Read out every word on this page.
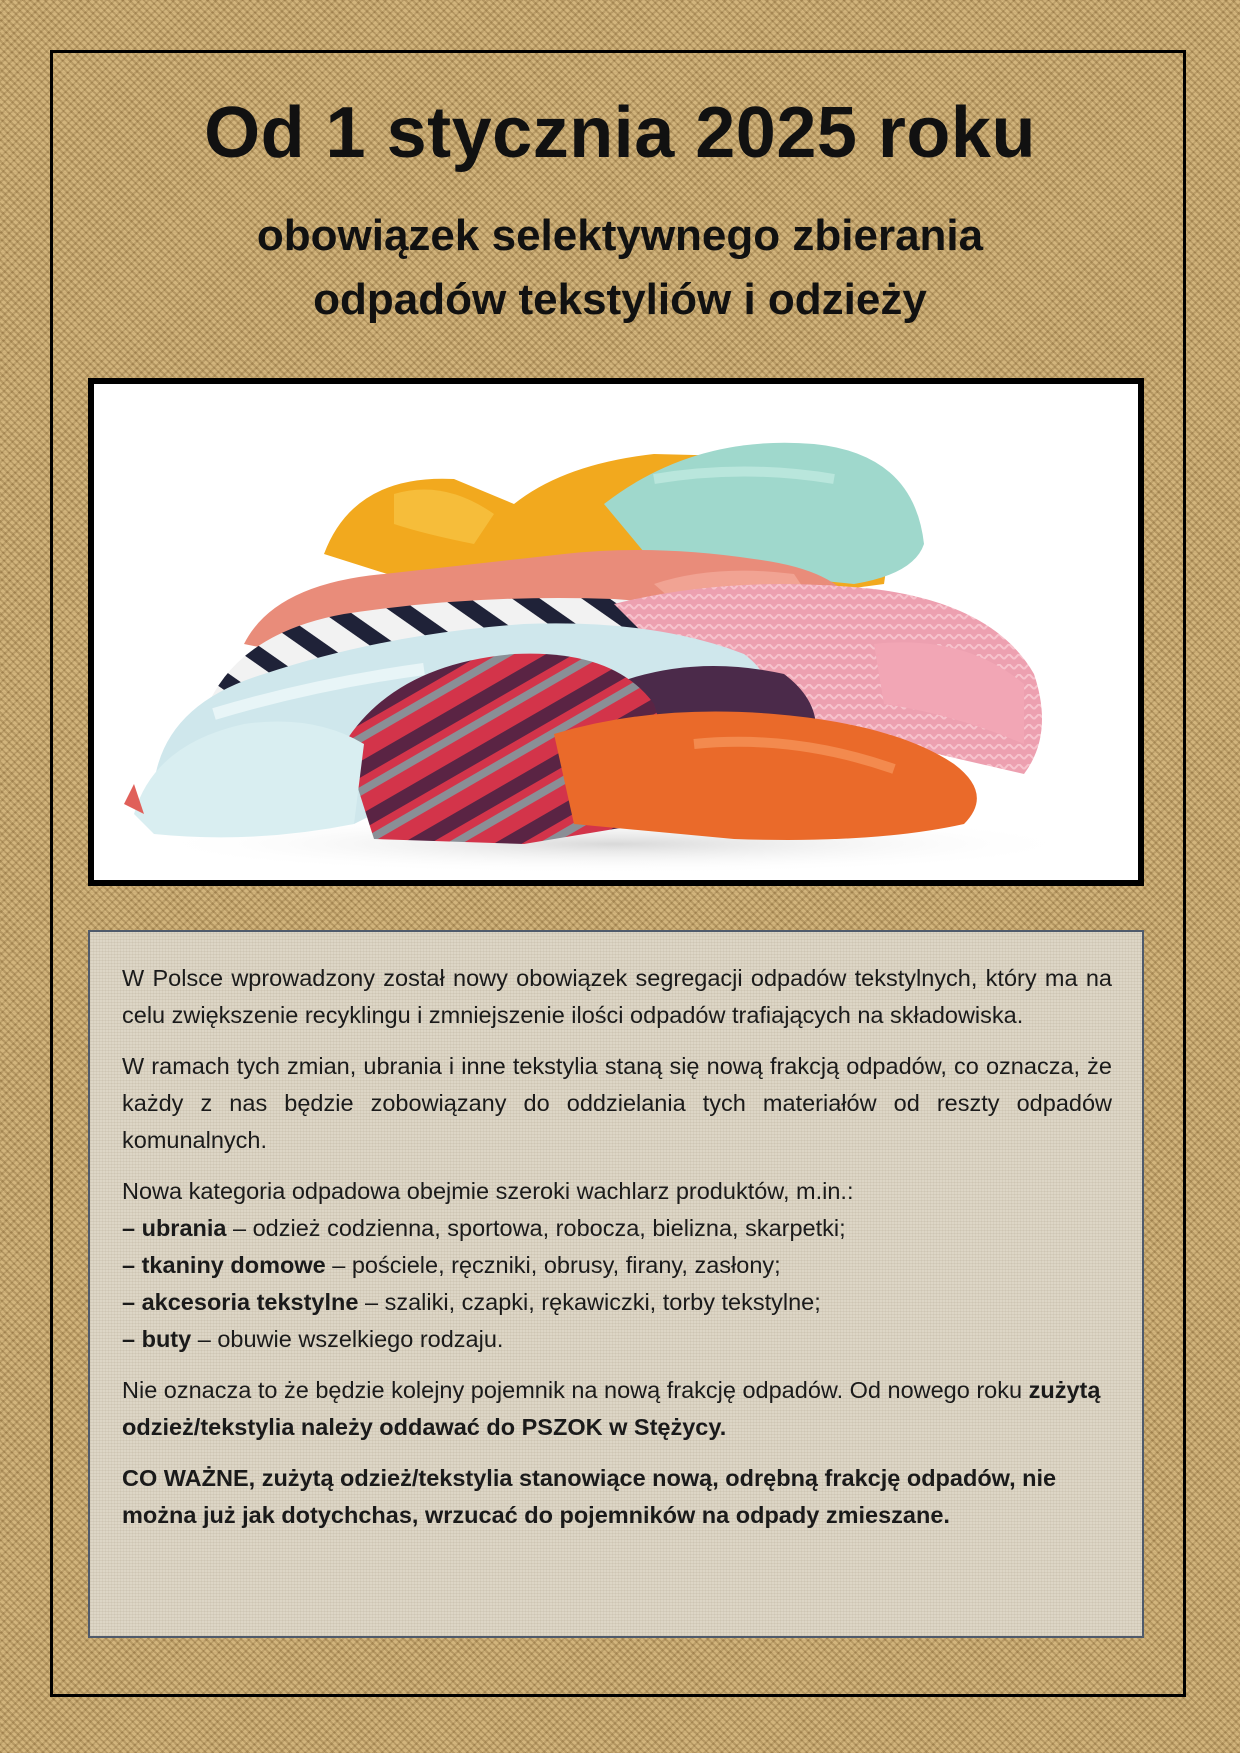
Od 1 stycznia 2025 roku
obowiązek selektywnego zbierania
odpadów tekstyliów i odzieży

W Polsce wprowadzony został nowy obowiązek segregacji odpadów tekstylnych, który ma na celu zwiększenie recyklingu i zmniejszenie ilości odpadów trafiających na składowiska.

W ramach tych zmian, ubrania i inne tekstylia staną się nową frakcją odpadów, co oznacza, że każdy z nas będzie zobowiązany do oddzielania tych materiałów od reszty odpadów komunalnych.

Nowa kategoria odpadowa obejmie szeroki wachlarz produktów, m.in.:
– ubrania – odzież codzienna, sportowa, robocza, bielizna, skarpetki;
– tkaniny domowe – pościele, ręczniki, obrusy, firany, zasłony;
– akcesoria tekstylne – szaliki, czapki, rękawiczki, torby tekstylne;
– buty – obuwie wszelkiego rodzaju.

Nie oznacza to że będzie kolejny pojemnik na nową frakcję odpadów. Od nowego roku zużytą odzież/tekstylia należy oddawać do PSZOK w Stężycy.

CO WAŻNE, zużytą odzież/tekstylia stanowiące nową, odrębną frakcję odpadów, nie można już jak dotychchas, wrzucać do pojemników na odpady zmieszane.
